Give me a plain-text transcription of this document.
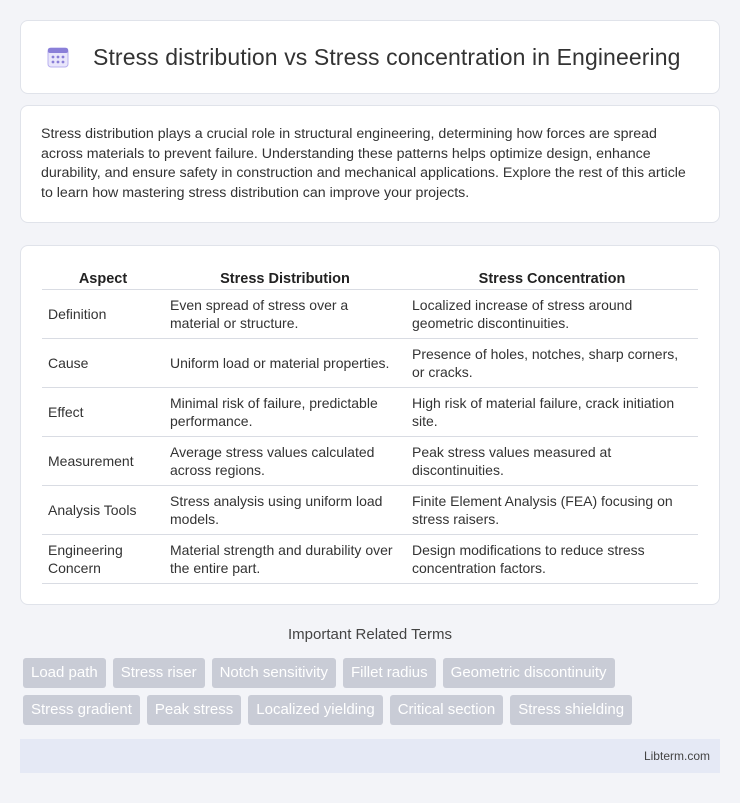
Stress distribution vs Stress concentration in Engineering

Stress distribution plays a crucial role in structural engineering, determining how forces are spread across materials to prevent failure. Understanding these patterns helps optimize design, enhance durability, and ensure safety in construction and mechanical applications. Explore the rest of this article to learn how mastering stress distribution can improve your projects.

Aspect	Stress Distribution	Stress Concentration
Definition	Even spread of stress over a material or structure.	Localized increase of stress around geometric discontinuities.
Cause	Uniform load or material properties.	Presence of holes, notches, sharp corners, or cracks.
Effect	Minimal risk of failure, predictable performance.	High risk of material failure, crack initiation site.
Measurement	Average stress values calculated across regions.	Peak stress values measured at discontinuities.
Analysis Tools	Stress analysis using uniform load models.	Finite Element Analysis (FEA) focusing on stress raisers.
Engineering Concern	Material strength and durability over the entire part.	Design modifications to reduce stress concentration factors.
Important Related Terms
Load path	Stress riser	Notch sensitivity	Fillet radius	Geometric discontinuity
Stress gradient	Peak stress	Localized yielding	Critical section	Stress shielding
Libterm.com
